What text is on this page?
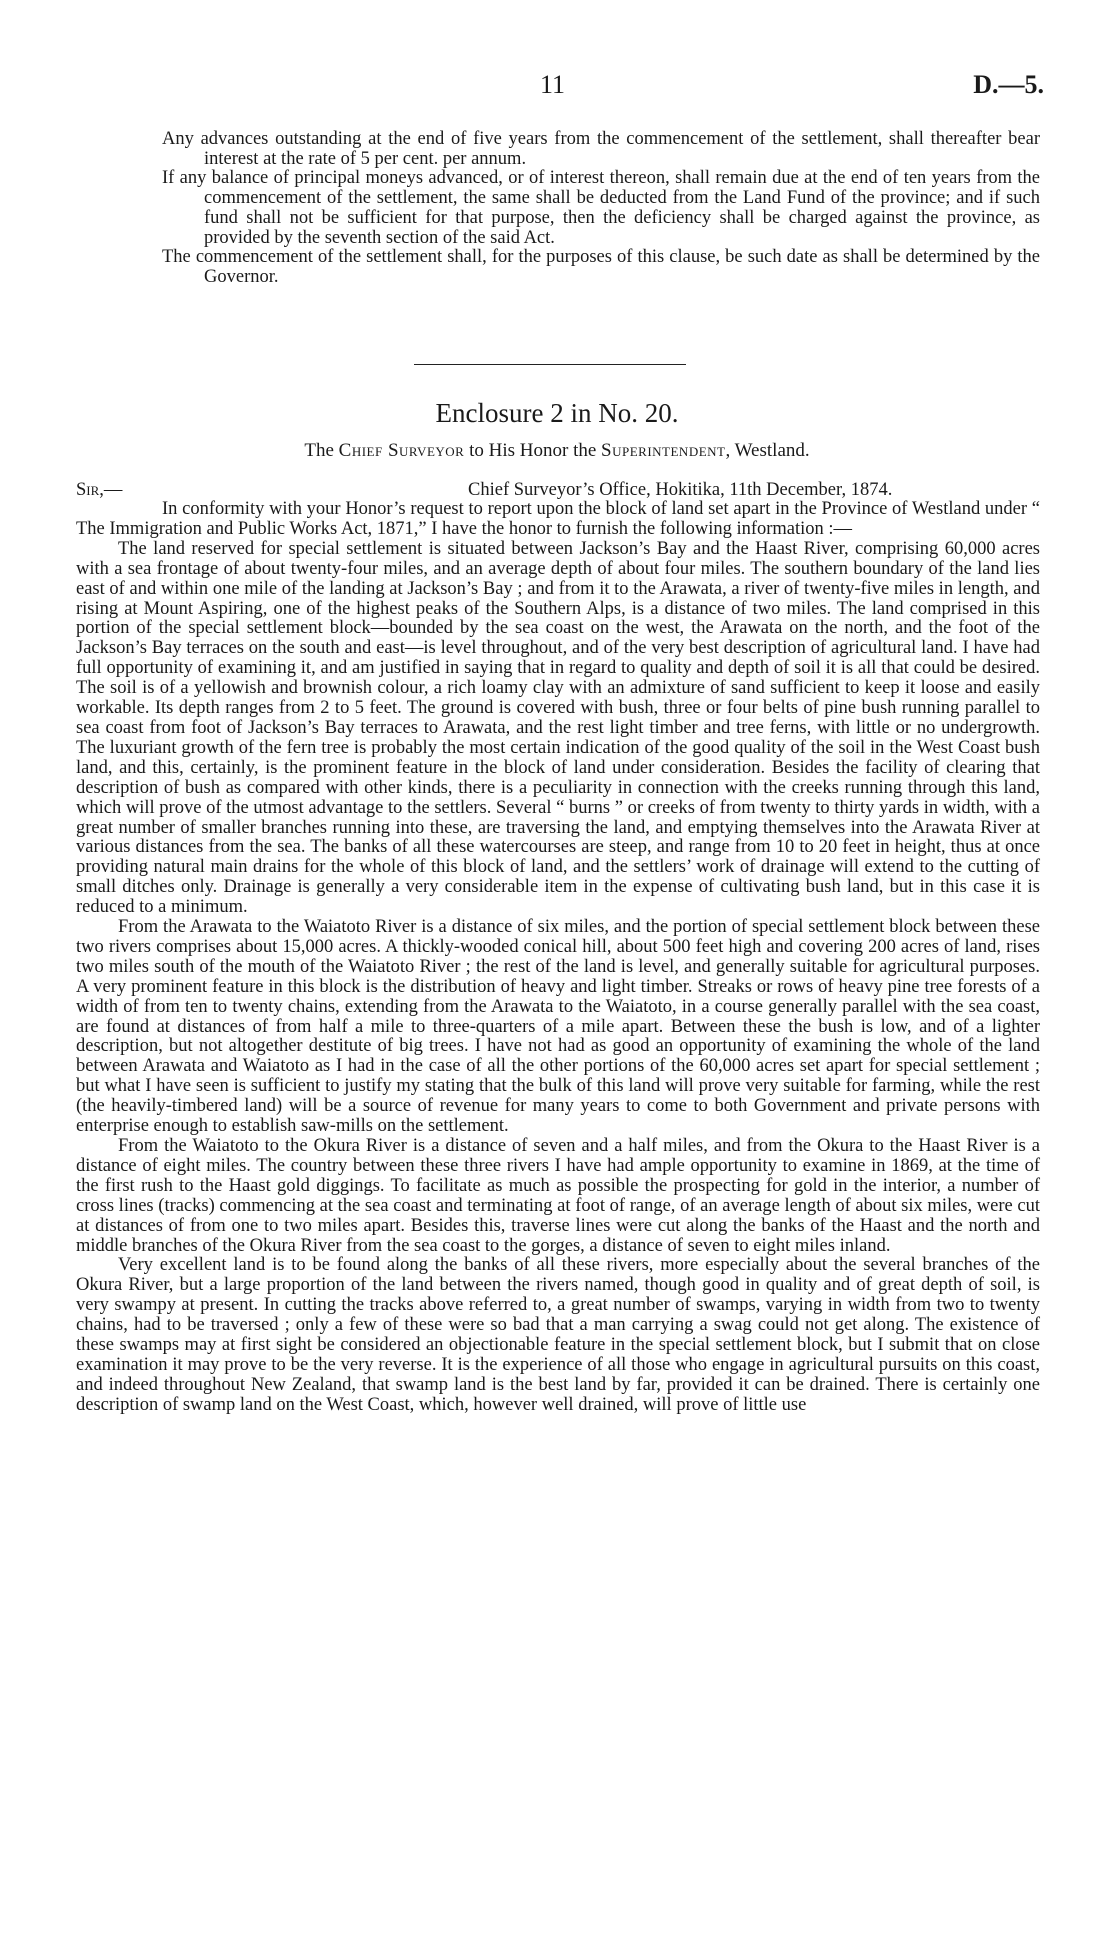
11	D.—5.

Any advances outstanding at the end of five years from the commencement of the settlement, shall thereafter bear interest at the rate of 5 per cent. per annum.

If any balance of principal moneys advanced, or of interest thereon, shall remain due at the end of ten years from the commencement of the settlement, the same shall be deducted from the Land Fund of the province; and if such fund shall not be sufficient for that purpose, then the deficiency shall be charged against the province, as provided by the seventh section of the said Act.

The commencement of the settlement shall, for the purposes of this clause, be such date as shall be determined by the Governor.

Enclosure 2 in No. 20.
The Chief Surveyor to His Honor the Superintendent, Westland.
Sir,—	Chief Surveyor’s Office, Hokitika, 11th December, 1874.

In conformity with your Honor’s request to report upon the block of land set apart in the Province of Westland under “ The Immigration and Public Works Act, 1871,” I have the honor to furnish the following information :—

The land reserved for special settlement is situated between Jackson’s Bay and the Haast River, comprising 60,000 acres with a sea frontage of about twenty-four miles, and an average depth of about four miles. The southern boundary of the land lies east of and within one mile of the landing at Jackson’s Bay ; and from it to the Arawata, a river of twenty-five miles in length, and rising at Mount Aspiring, one of the highest peaks of the Southern Alps, is a distance of two miles. The land comprised in this portion of the special settlement block—bounded by the sea coast on the west, the Arawata on the north, and the foot of the Jackson’s Bay terraces on the south and east—is level throughout, and of the very best description of agricultural land. I have had full opportunity of examining it, and am justified in saying that in regard to quality and depth of soil it is all that could be desired. The soil is of a yellowish and brownish colour, a rich loamy clay with an admixture of sand sufficient to keep it loose and easily workable. Its depth ranges from 2 to 5 feet. The ground is covered with bush, three or four belts of pine bush running parallel to sea coast from foot of Jackson’s Bay terraces to Arawata, and the rest light timber and tree ferns, with little or no undergrowth. The luxuriant growth of the fern tree is probably the most certain indication of the good quality of the soil in the West Coast bush land, and this, certainly, is the prominent feature in the block of land under consideration. Besides the facility of clearing that description of bush as compared with other kinds, there is a peculiarity in connection with the creeks running through this land, which will prove of the utmost advantage to the settlers. Several “ burns ” or creeks of from twenty to thirty yards in width, with a great number of smaller branches running into these, are traversing the land, and emptying themselves into the Arawata River at various distances from the sea. The banks of all these watercourses are steep, and range from 10 to 20 feet in height, thus at once providing natural main drains for the whole of this block of land, and the settlers’ work of drainage will extend to the cutting of small ditches only. Drainage is generally a very considerable item in the expense of cultivating bush land, but in this case it is reduced to a minimum.

From the Arawata to the Waiatoto River is a distance of six miles, and the portion of special settlement block between these two rivers comprises about 15,000 acres. A thickly-wooded conical hill, about 500 feet high and covering 200 acres of land, rises two miles south of the mouth of the Waiatoto River ; the rest of the land is level, and generally suitable for agricultural purposes. A very prominent feature in this block is the distribution of heavy and light timber. Streaks or rows of heavy pine tree forests of a width of from ten to twenty chains, extending from the Arawata to the Waiatoto, in a course generally parallel with the sea coast, are found at distances of from half a mile to three-quarters of a mile apart. Between these the bush is low, and of a lighter description, but not altogether destitute of big trees. I have not had as good an opportunity of examining the whole of the land between Arawata and Waiatoto as I had in the case of all the other portions of the 60,000 acres set apart for special settlement ; but what I have seen is sufficient to justify my stating that the bulk of this land will prove very suitable for farming, while the rest (the heavily-timbered land) will be a source of revenue for many years to come to both Government and private persons with enterprise enough to establish saw-mills on the settlement.

From the Waiatoto to the Okura River is a distance of seven and a half miles, and from the Okura to the Haast River is a distance of eight miles. The country between these three rivers I have had ample opportunity to examine in 1869, at the time of the first rush to the Haast gold diggings. To facilitate as much as possible the prospecting for gold in the interior, a number of cross lines (tracks) commencing at the sea coast and terminating at foot of range, of an average length of about six miles, were cut at distances of from one to two miles apart. Besides this, traverse lines were cut along the banks of the Haast and the north and middle branches of the Okura River from the sea coast to the gorges, a distance of seven to eight miles inland.

Very excellent land is to be found along the banks of all these rivers, more especially about the several branches of the Okura River, but a large proportion of the land between the rivers named, though good in quality and of great depth of soil, is very swampy at present. In cutting the tracks above referred to, a great number of swamps, varying in width from two to twenty chains, had to be traversed ; only a few of these were so bad that a man carrying a swag could not get along. The existence of these swamps may at first sight be considered an objectionable feature in the special settlement block, but I submit that on close examination it may prove to be the very reverse. It is the experience of all those who engage in agricultural pursuits on this coast, and indeed throughout New Zealand, that swamp land is the best land by far, provided it can be drained. There is certainly one description of swamp land on the West Coast, which, however well drained, will prove of little use
